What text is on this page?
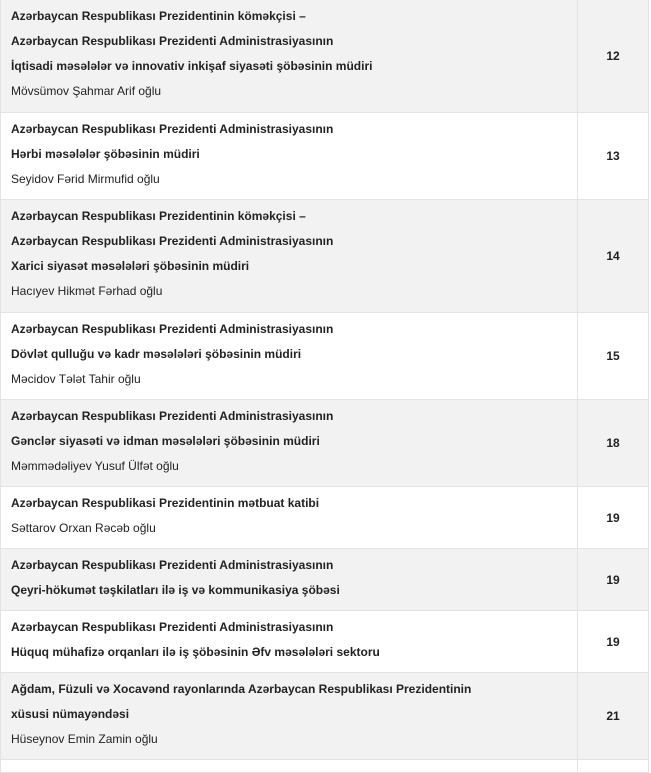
Azərbaycan Respublikası Prezidentinin köməkçisi –
Azərbaycan Respublikası Prezidenti Administrasiyasının
İqtisadi məsələlər və innovativ inkişaf siyasəti şöbəsinin müdiri
Mövsümov Şahmar Arif oğlu
12
Azərbaycan Respublikası Prezidenti Administrasiyasının
Hərbi məsələlər şöbəsinin müdiri
Seyidov Fərid Mirmufid oğlu
13
Azərbaycan Respublikası Prezidentinin köməkçisi –
Azərbaycan Respublikası Prezidenti Administrasiyasının
Xarici siyasət məsələləri şöbəsinin müdiri
Hacıyev Hikmət Fərhad oğlu
14
Azərbaycan Respublikası Prezidenti Administrasiyasının
Dövlət qulluğu və kadr məsələləri şöbəsinin müdiri
Məcidov Tələt Tahir oğlu
15
Azərbaycan Respublikası Prezidenti Administrasiyasının
Gənclər siyasəti və idman məsələləri şöbəsinin müdiri
Məmmədəliyev Yusuf Ülfət oğlu
18
Azərbaycan Respublikasi Prezidentinin mətbuat katibi
Səttarov Orxan Rəcəb oğlu
19
Azərbaycan Respublikası Prezidenti Administrasiyasının
Qeyri-hökumət təşkilatları ilə iş və kommunikasiya şöbəsi
19
Azərbaycan Respublikası Prezidenti Administrasiyasının
Hüquq mühafizə orqanları ilə iş şöbəsinin Əfv məsələləri sektoru
19
Ağdam, Füzuli və Xocavənd rayonlarında Azərbaycan Respublikası Prezidentinin
xüsusi nümayəndəsi
Hüseynov Emin Zamin oğlu
21
